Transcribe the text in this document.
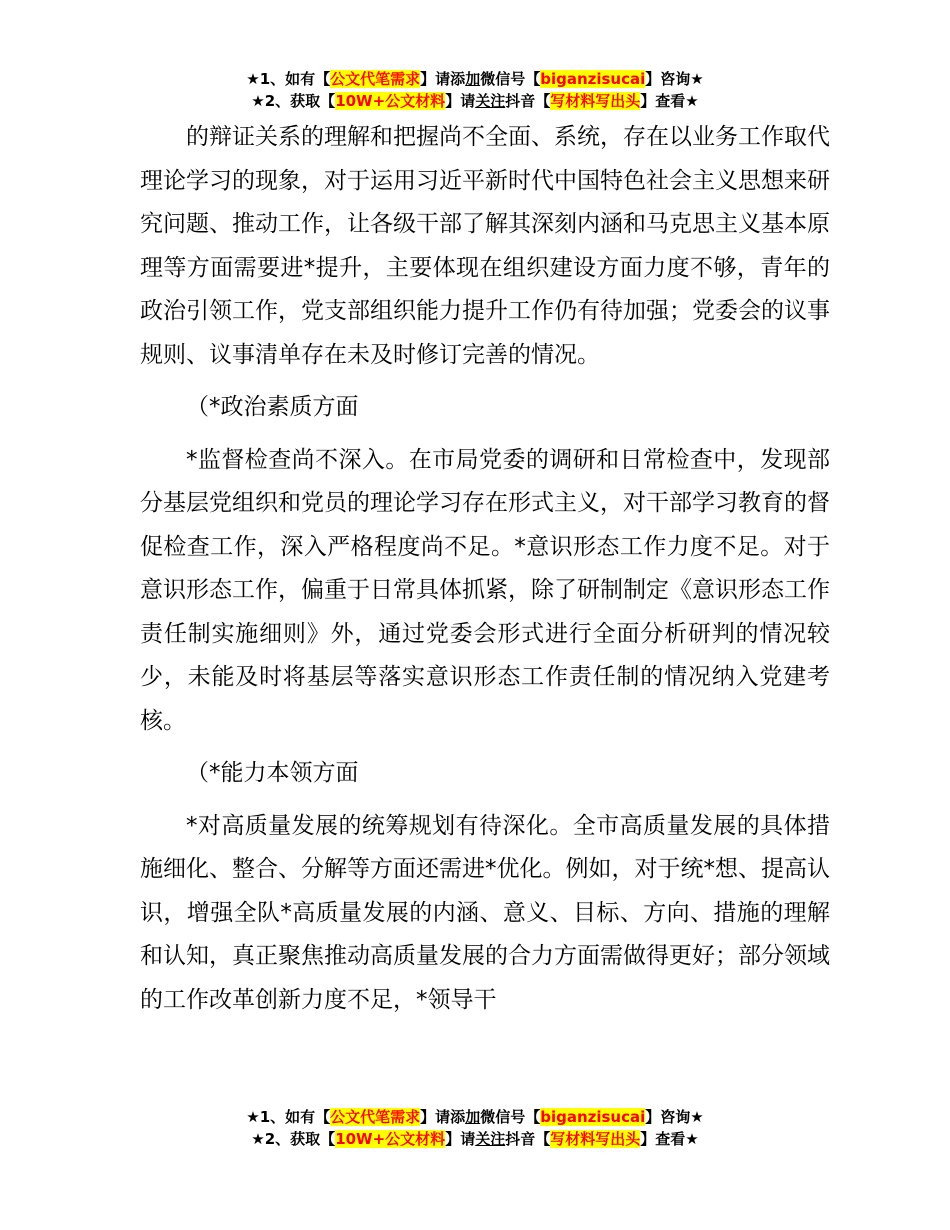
★1、如有【公文代笔需求】请添加微信号【biganzisucai】咨询★
★2、获取【10W+公文材料】请关注抖音【写材料写出头】查看★

的辩证关系的理解和把握尚不全面、系统，存在以业务工作取代理论学习的现象，对于运用习近平新时代中国特色社会主义思想来研究问题、推动工作，让各级干部了解其深刻内涵和马克思主义基本原理等方面需要进*提升，主要体现在组织建设方面力度不够，青年的政治引领工作，党支部组织能力提升工作仍有待加强；党委会的议事规则、议事清单存在未及时修订完善的情况。

（*政治素质方面

*监督检查尚不深入。在市局党委的调研和日常检查中，发现部分基层党组织和党员的理论学习存在形式主义，对干部学习教育的督促检查工作，深入严格程度尚不足。*意识形态工作力度不足。对于意识形态工作，偏重于日常具体抓紧，除了研制制定《意识形态工作责任制实施细则》外，通过党委会形式进行全面分析研判的情况较少，未能及时将基层等落实意识形态工作责任制的情况纳入党建考核。

（*能力本领方面

*对高质量发展的统筹规划有待深化。全市高质量发展的具体措施细化、整合、分解等方面还需进*优化。例如，对于统*想、提高认识，增强全队*高质量发展的内涵、意义、目标、方向、措施的理解和认知，真正聚焦推动高质量发展的合力方面需做得更好；部分领域的工作改革创新力度不足，*领导干

★1、如有【公文代笔需求】请添加微信号【biganzisucai】咨询★
★2、获取【10W+公文材料】请关注抖音【写材料写出头】查看★
